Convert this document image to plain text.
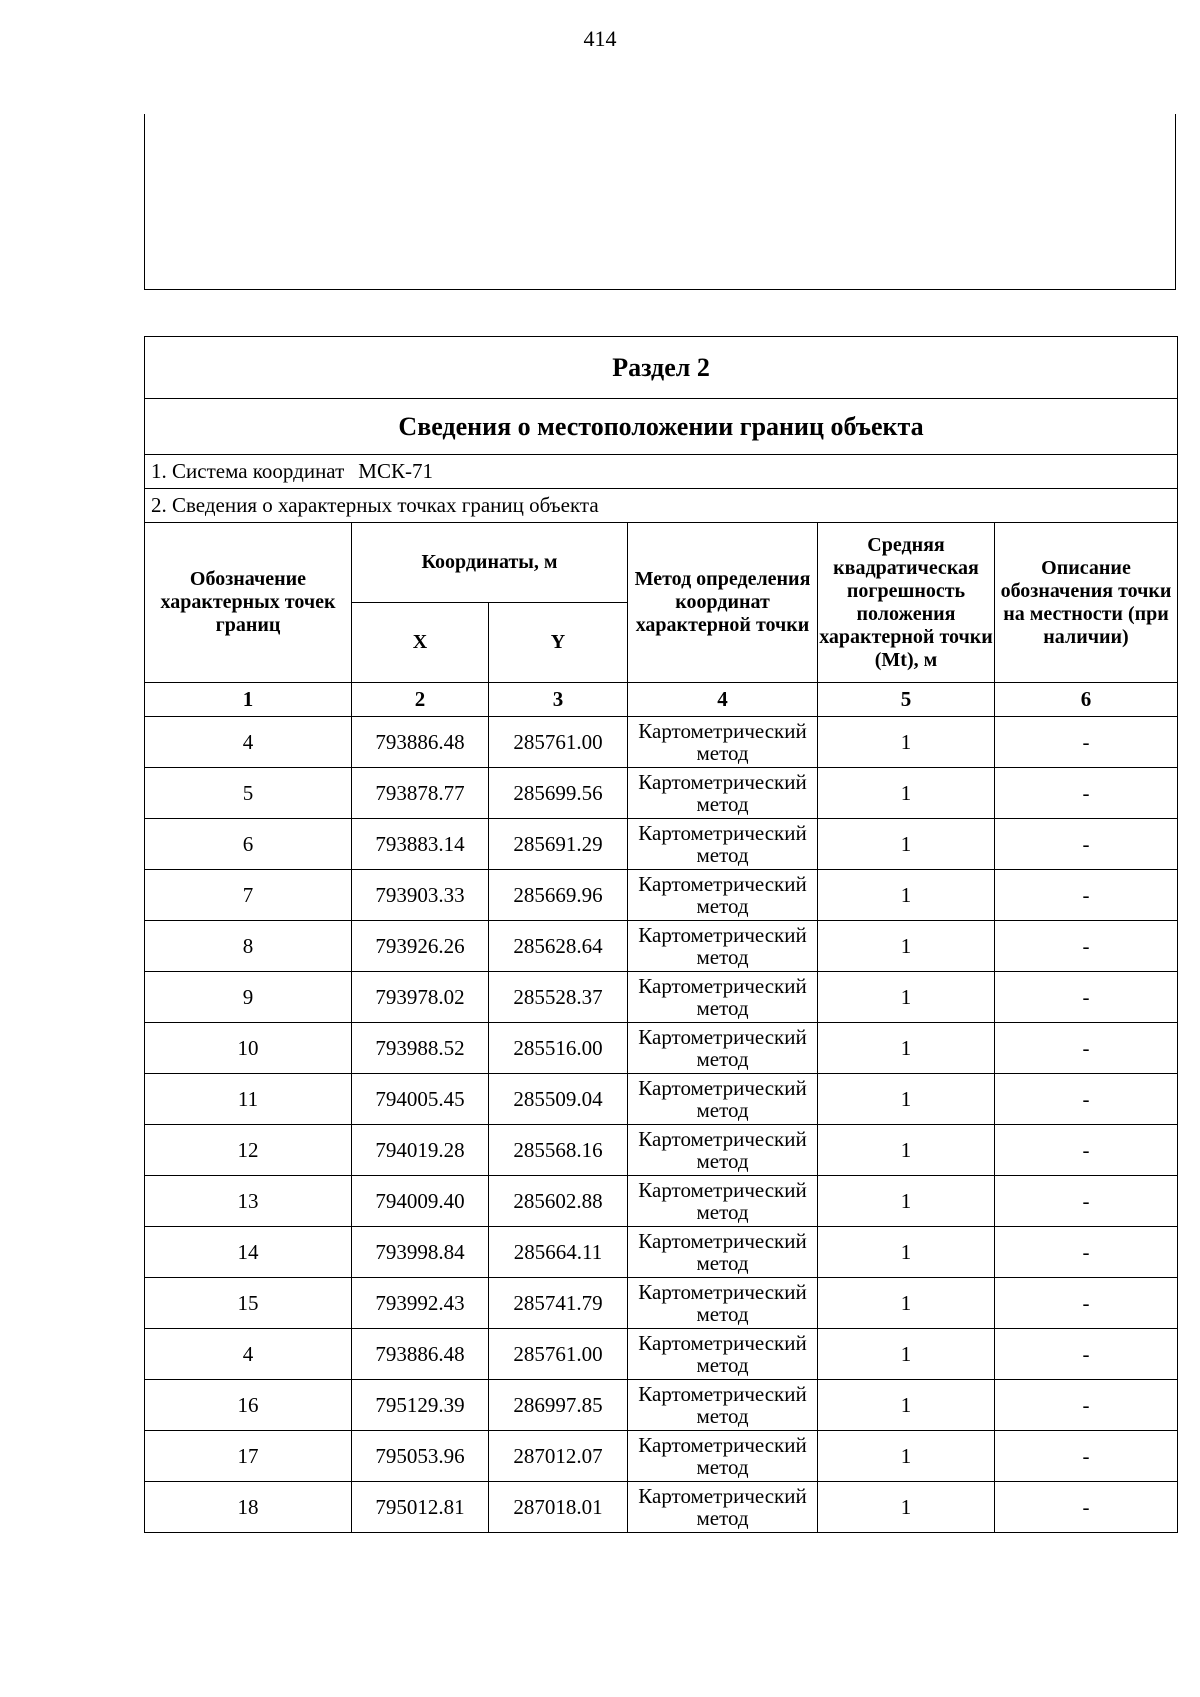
414
Раздел 2					
Сведения о местоположении границ объекта					
1. Система координат МСК-71					
2. Сведения о характерных точках границ объекта					
Обозначение характерных точек границ	Координаты, м		Метод определения координат характерной точки	Средняя квадратическая погрешность положения характерной точки (Mt), м	Описание обозначения точки на местности (при наличии)
	X	Y			
1	2	3	4	5	6
4	793886.48	285761.00	Картометрический метод	1	-
5	793878.77	285699.56	Картометрический метод	1	-
6	793883.14	285691.29	Картометрический метод	1	-
7	793903.33	285669.96	Картометрический метод	1	-
8	793926.26	285628.64	Картометрический метод	1	-
9	793978.02	285528.37	Картометрический метод	1	-
10	793988.52	285516.00	Картометрический метод	1	-
11	794005.45	285509.04	Картометрический метод	1	-
12	794019.28	285568.16	Картометрический метод	1	-
13	794009.40	285602.88	Картометрический метод	1	-
14	793998.84	285664.11	Картометрический метод	1	-
15	793992.43	285741.79	Картометрический метод	1	-
4	793886.48	285761.00	Картометрический метод	1	-
16	795129.39	286997.85	Картометрический метод	1	-
17	795053.96	287012.07	Картометрический метод	1	-
18	795012.81	287018.01	Картометрический метод	1	-
